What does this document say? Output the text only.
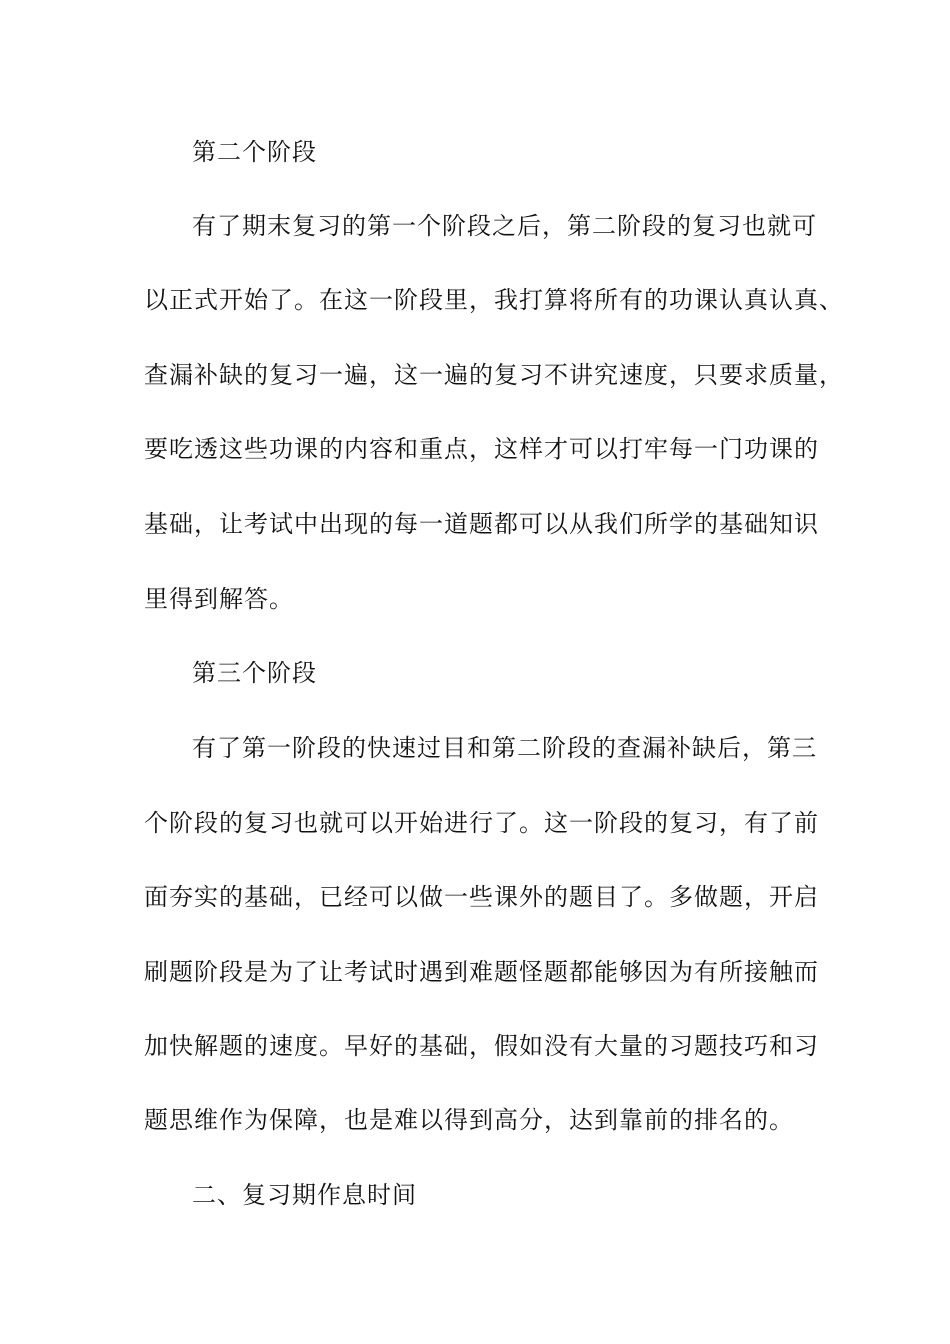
第二个阶段
有了期末复习的第一个阶段之后，第二阶段的复习也就可
以正式开始了。在这一阶段里，我打算将所有的功课认真认真、
查漏补缺的复习一遍，这一遍的复习不讲究速度，只要求质量，
要吃透这些功课的内容和重点，这样才可以打牢每一门功课的
基础，让考试中出现的每一道题都可以从我们所学的基础知识
里得到解答。
第三个阶段
有了第一阶段的快速过目和第二阶段的查漏补缺后，第三
个阶段的复习也就可以开始进行了。这一阶段的复习，有了前
面夯实的基础，已经可以做一些课外的题目了。多做题，开启
刷题阶段是为了让考试时遇到难题怪题都能够因为有所接触而
加快解题的速度。早好的基础，假如没有大量的习题技巧和习
题思维作为保障，也是难以得到高分，达到靠前的排名的。
二、复习期作息时间
